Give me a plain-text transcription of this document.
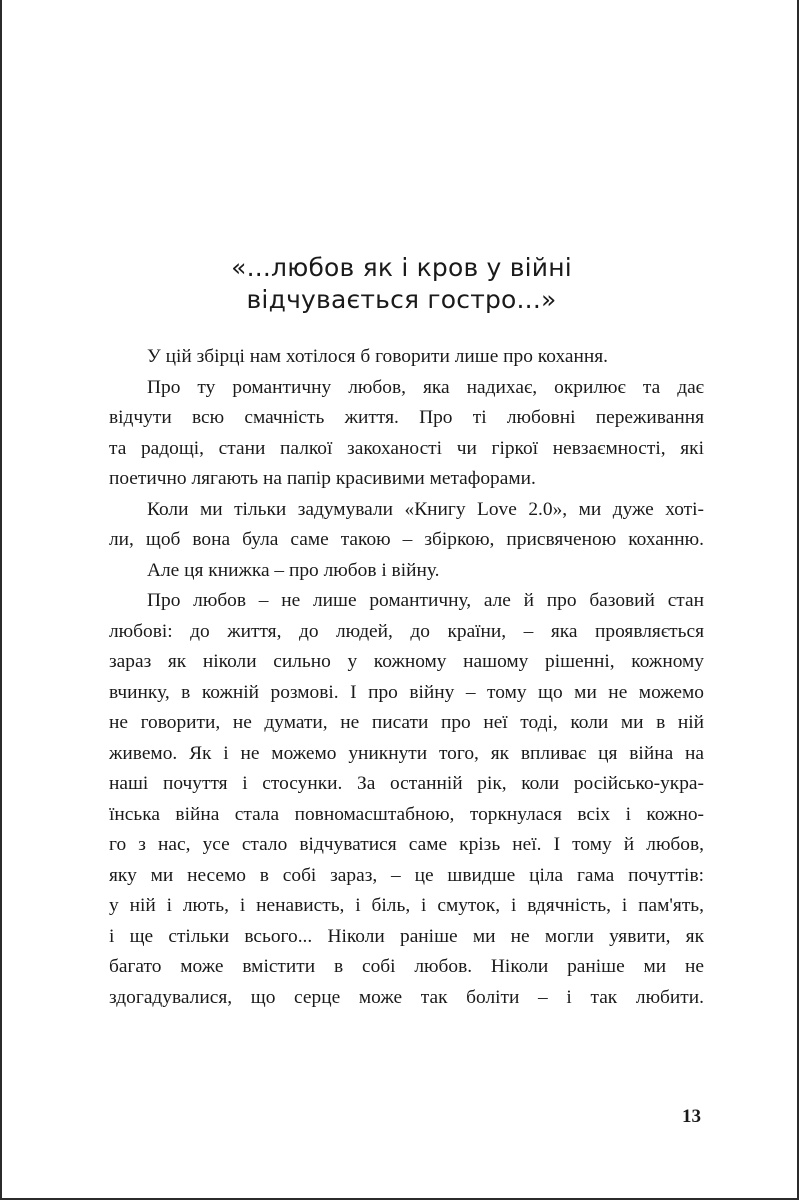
«...любов як і кров у війні
відчувається гостро...»
У цій збірці нам хотілося б говорити лише про кохання.
Про ту романтичну любов, яка надихає, окрилює та дає
відчути всю смачність життя. Про ті любовні переживання
та радощі, стани палкої закоханості чи гіркої невзаємності, які
поетично лягають на папір красивими метафорами.
Коли ми тільки задумували «Книгу Love 2.0», ми дуже хоті-
ли, щоб вона була саме такою – збіркою, присвяченою коханню.
Але ця книжка – про любов і війну.
Про любов – не лише романтичну, але й про базовий стан
любові: до життя, до людей, до країни, – яка проявляється
зараз як ніколи сильно у кожному нашому рішенні, кожному
вчинку, в кожній розмові. І про війну – тому що ми не можемо
не говорити, не думати, не писати про неї тоді, коли ми в ній
живемо. Як і не можемо уникнути того, як впливає ця війна на
наші почуття і стосунки. За останній рік, коли російсько-укра-
їнська війна стала повномасштабною, торкнулася всіх і кожно-
го з нас, усе стало відчуватися саме крізь неї. І тому й любов,
яку ми несемо в собі зараз, – це швидше ціла гама почуттів:
у ній і лють, і ненависть, і біль, і смуток, і вдячність, і пам'ять,
і ще стільки всього... Ніколи раніше ми не могли уявити, як
багато може вмістити в собі любов. Ніколи раніше ми не
здогадувалися, що серце може так боліти – і так любити.
13
